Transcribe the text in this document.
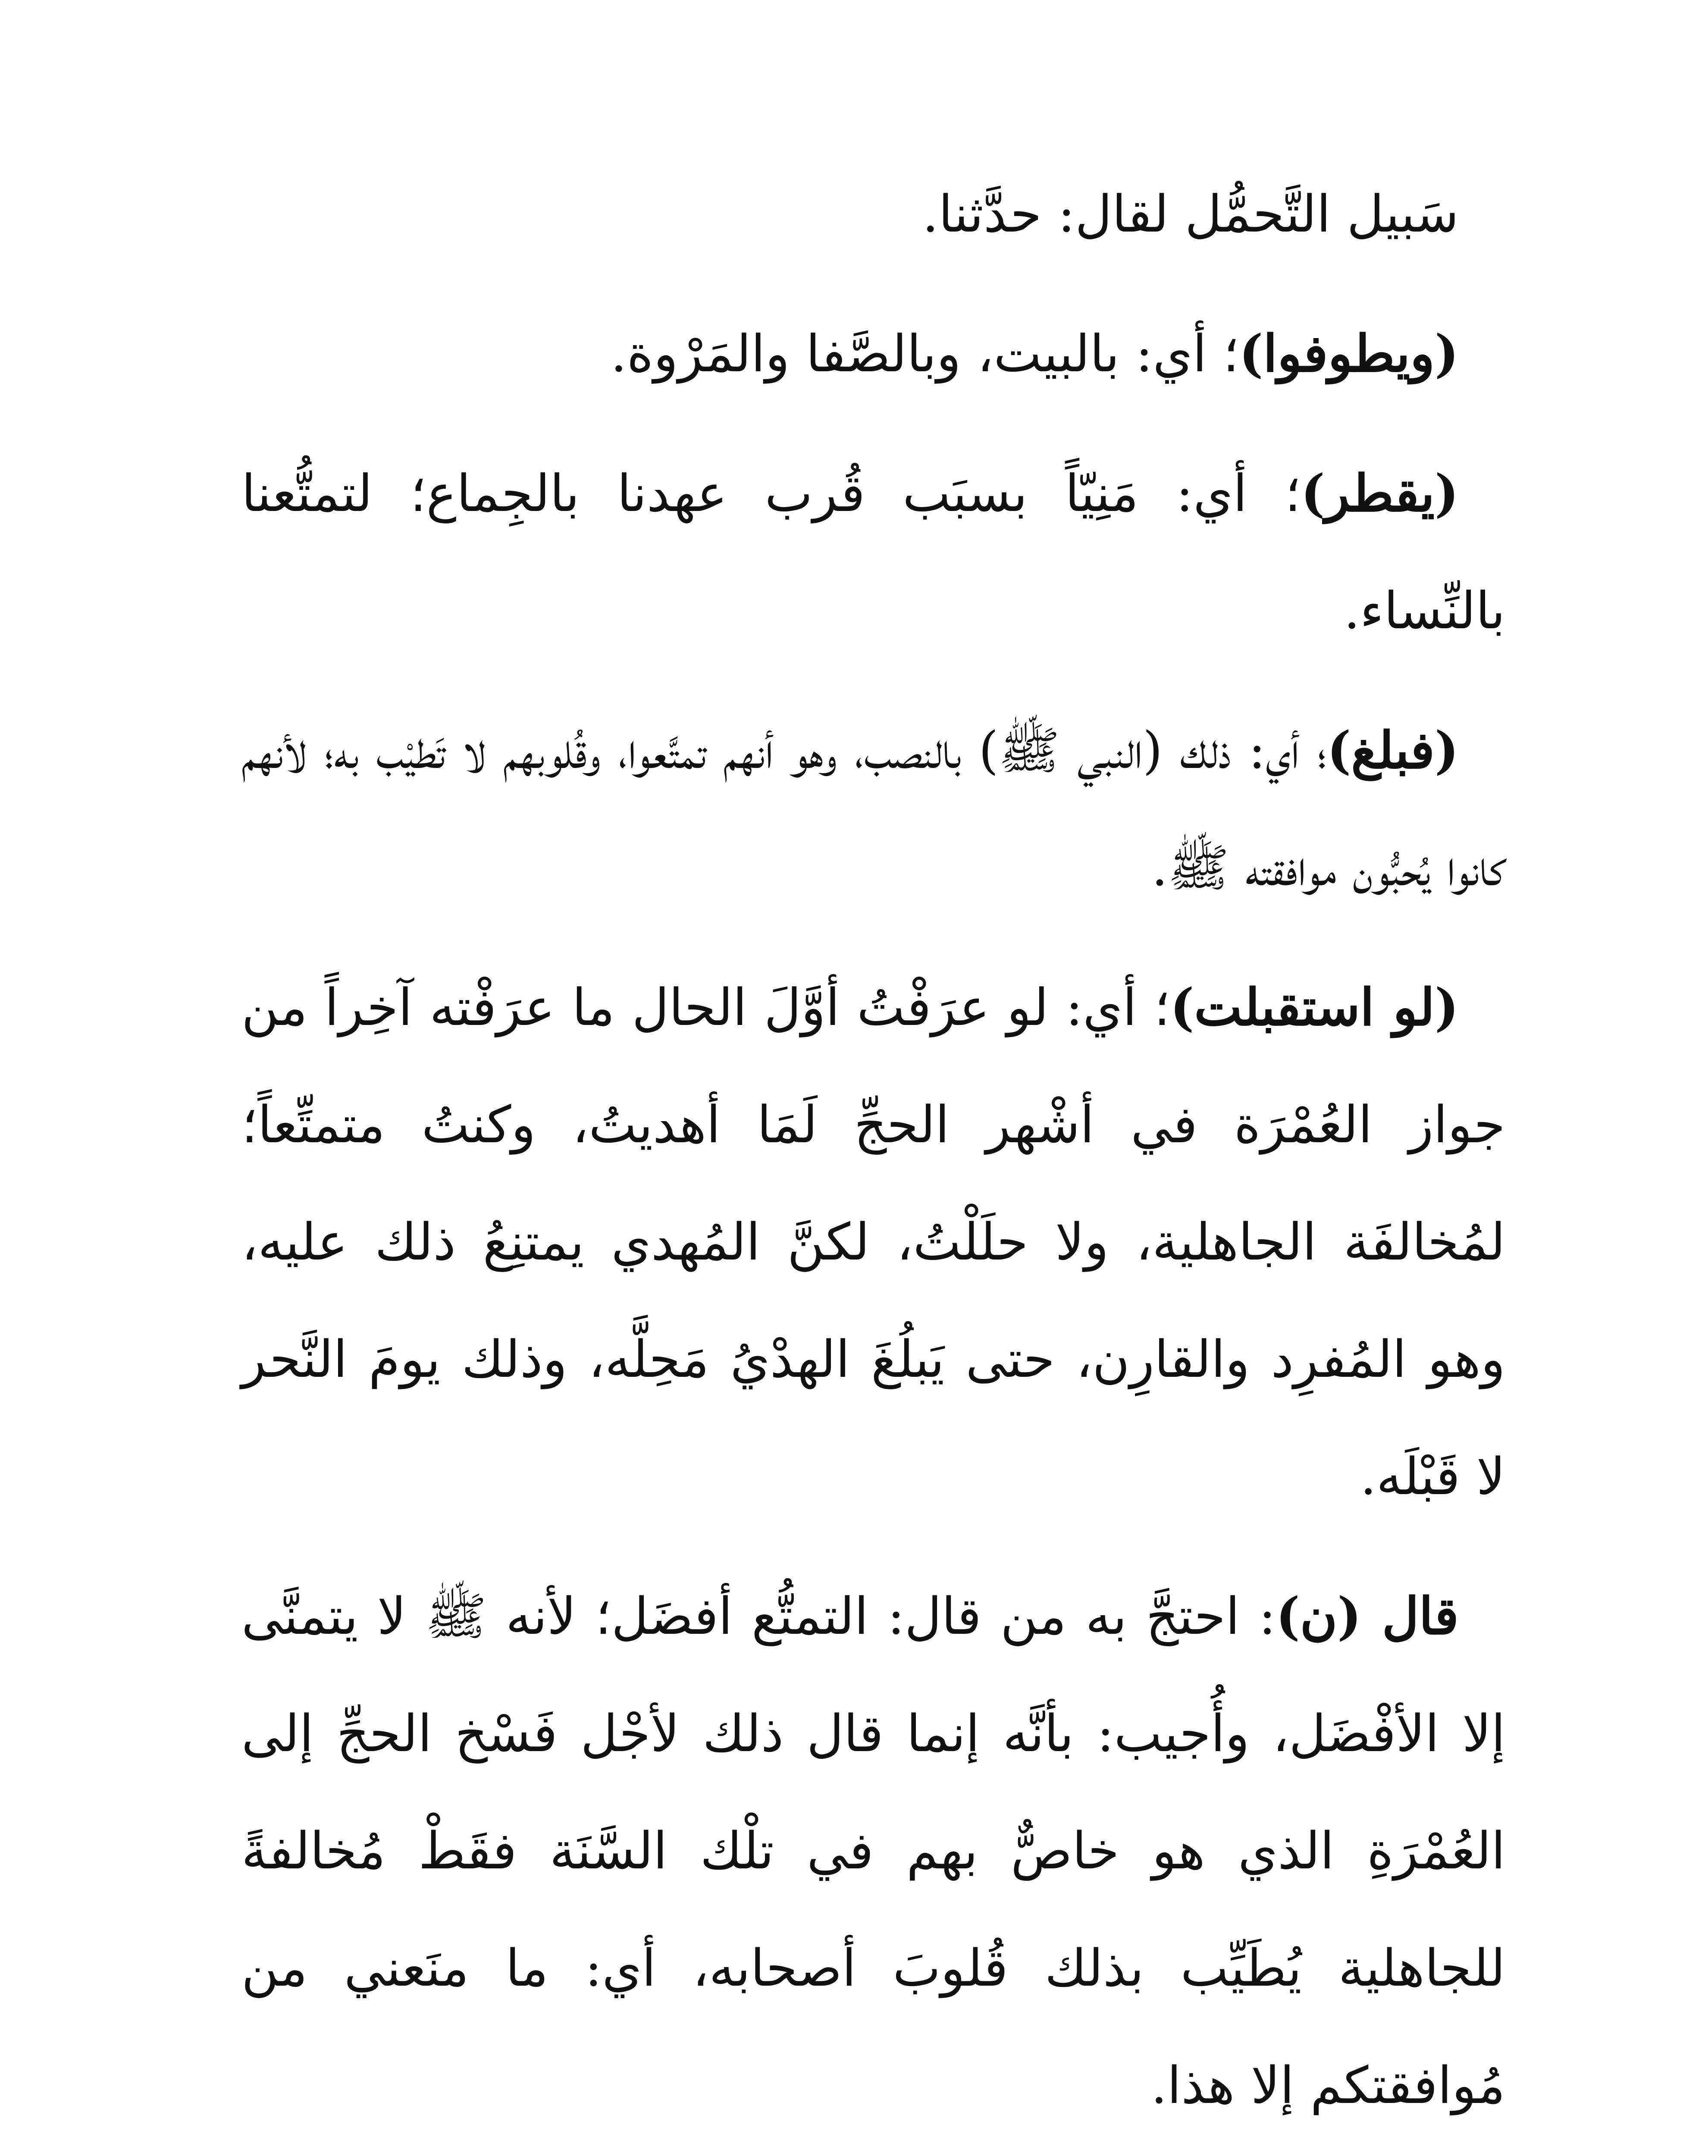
سَبيل التَّحمُّل لقال: حدَّثنا.

(ويطوفوا)؛ أي: بالبيت، وبالصَّفا والمَرْوة.

(يقطر)؛ أي: مَنِيّاً بسبَب قُرب عهدنا بالجِماع؛ لتمتُّعنا بالنِّساء.

(فبلغ)؛ أي: ذلك (النبي ﷺ) بالنصب، وهو أنهم تمتَّعوا، وقُلوبهم لا تَطيْب به؛ لأنهم كانوا يُحبُّون موافقته ﷺ.

(لو استقبلت)؛ أي: لو عرَفْتُ أوَّلَ الحال ما عرَفْته آخِراً من جواز العُمْرَة في أشْهر الحجِّ لَمَا أهديتُ، وكنتُ متمتِّعاً؛ لمُخالفَة الجاهلية، ولا حلَلْتُ، لكنَّ المُهدي يمتنِعُ ذلك عليه، وهو المُفرِد والقارِن، حتى يَبلُغَ الهدْيُ مَحِلَّه، وذلك يومَ النَّحر لا قَبْلَه.

قال (ن): احتجَّ به من قال: التمتُّع أفضَل؛ لأنه ﷺ لا يتمنَّى إلا الأفْضَل، وأُجيب: بأنَّه إنما قال ذلك لأجْل فَسْخ الحجِّ إلى العُمْرَةِ الذي هو خاصٌّ بهم في تلْك السَّنَة فقَطْ مُخالفةً للجاهلية يُطَيِّب بذلك قُلوبَ أصحابه، أي: ما منَعني من مُوافقتكم إلا هذا.
